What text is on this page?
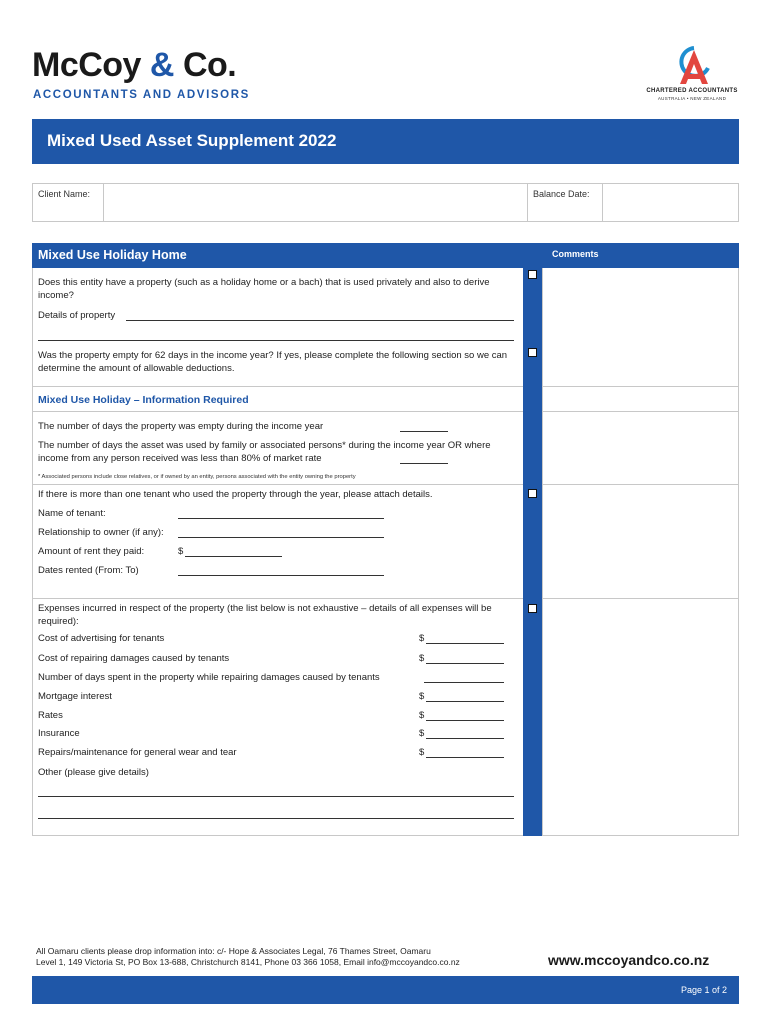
McCoy & Co.
ACCOUNTANTS AND ADVISORS	CHARTERED ACCOUNTANTS
AUSTRALIA • NEW ZEALAND
Mixed Used Asset Supplement 2022
Client Name:	Balance Date:
Mixed Use Holiday Home	Comments
Does this entity have a property (such as a holiday home or a bach) that is used privately and also to derive income?
Details of property
Was the property empty for 62 days in the income year? If yes, please complete the following section so we can determine the amount of allowable deductions.
Mixed Use Holiday – Information Required
The number of days the property was empty during the income year
The number of days the asset was used by family or associated persons* during the income year OR where income from any person received was less than 80% of market rate
* Associated persons include close relatives, or if owned by an entity, persons associated with the entity owning the property
If there is more than one tenant who used the property through the year, please attach details.
Name of tenant:
Relationship to owner (if any):
Amount of rent they paid:	$
Dates rented (From: To)
Expenses incurred in respect of the property (the list below is not exhaustive – details of all expenses will be required):
Cost of advertising for tenants	$
Cost of repairing damages caused by tenants	$
Number of days spent in the property while repairing damages caused by tenants
Mortgage interest	$
Rates	$
Insurance	$
Repairs/maintenance for general wear and tear	$
Other (please give details)
All Oamaru clients please drop information into: c/- Hope & Associates Legal, 76 Thames Street, Oamaru
Level 1, 149 Victoria St, PO Box 13-688, Christchurch 8141, Phone 03 366 1058, Email info@mccoyandco.co.nz	www.mccoyandco.co.nz
Page 1 of 2
